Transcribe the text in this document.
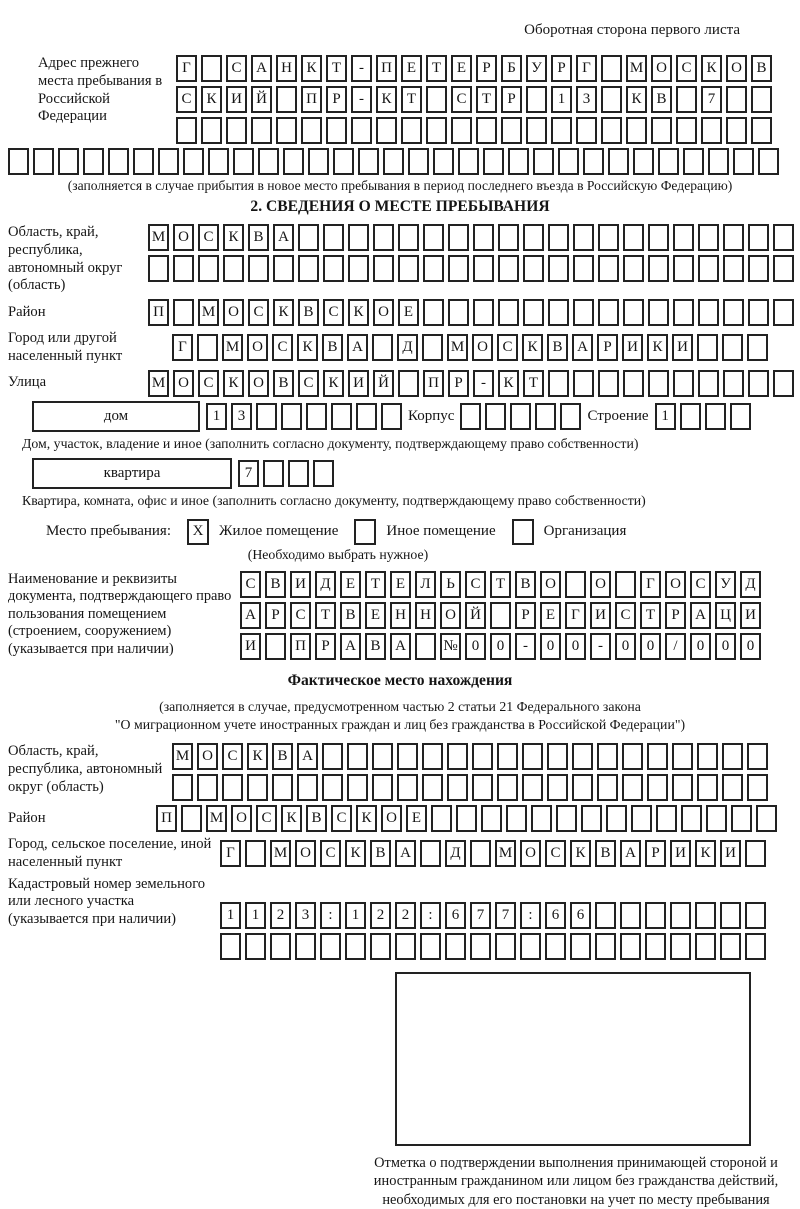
Оборотная сторона первого листа
Адрес прежнего места пребывания в Российской Федерации
Г	С А Н К	Т	-	П Е	Т	Е	Р	Б	У	Р	Г	М О С К О В
С К И Й	П	Р	-	К	Т	С	Т	Р	1	3	К В	7
(заполняется в случае прибытия в новое место пребывания в период последнего въезда в Российскую Федерацию)
2. СВЕДЕНИЯ О МЕСТЕ ПРЕБЫВАНИЯ
Область, край, республика, автономный округ (область)
М О С К В А
Район	П	М О С К В С К О Е
Город или другой населенный пункт
Г	М О С К В А	Д	М О С К В А	Р	И К И
Улица	М О С К О В С К И Й	П	Р	-	К	Т
дом	1	3	Корпус	Строение 1
Дом, участок, владение и иное (заполнить согласно документу, подтверждающему право собственности)
квартира	7
Квартира, комната, офис и иное (заполнить согласно документу, подтверждающему право собственности)
Место пребывания:	X	Жилое помещение	Иное помещение	Организация
(Необходимо выбрать нужное)
Наименование и реквизиты документа, подтверждающего право пользования помещением (строением, сооружением) (указывается при наличии)
С В И Д	Е	Т	Е	Л	Ь	С	Т	В О	О	Г	О С У Д
А	Р	С	Т	В	Е	Н Н О Й	Р	Е	Г	И С	Т	Р	А Ц И
И	П	Р	А В А	№ 0	0	-	0	0	-	0	0	/	0	0	0
Фактическое место нахождения
(заполняется в случае, предусмотренном частью 2 статьи 21 Федерального закона
"О миграционном учете иностранных граждан и лиц без гражданства в Российской Федерации")
Область, край, республика, автономный округ (область)
М О С К В А
Район	П	М О С К В С К О Е
Город, сельское поселение, иной населенный пункт
Г	М О С К В А	Д	М О С К В А	Р	И К И
Кадастровый номер земельного или лесного участка (указывается при наличии)	1	1	2	3	:	1	2	2	:	6	7	7	:	6	6
Отметка о подтверждении выполнения принимающей стороной и иностранным гражданином или лицом без гражданства действий, необходимых для его постановки на учет по месту пребывания
